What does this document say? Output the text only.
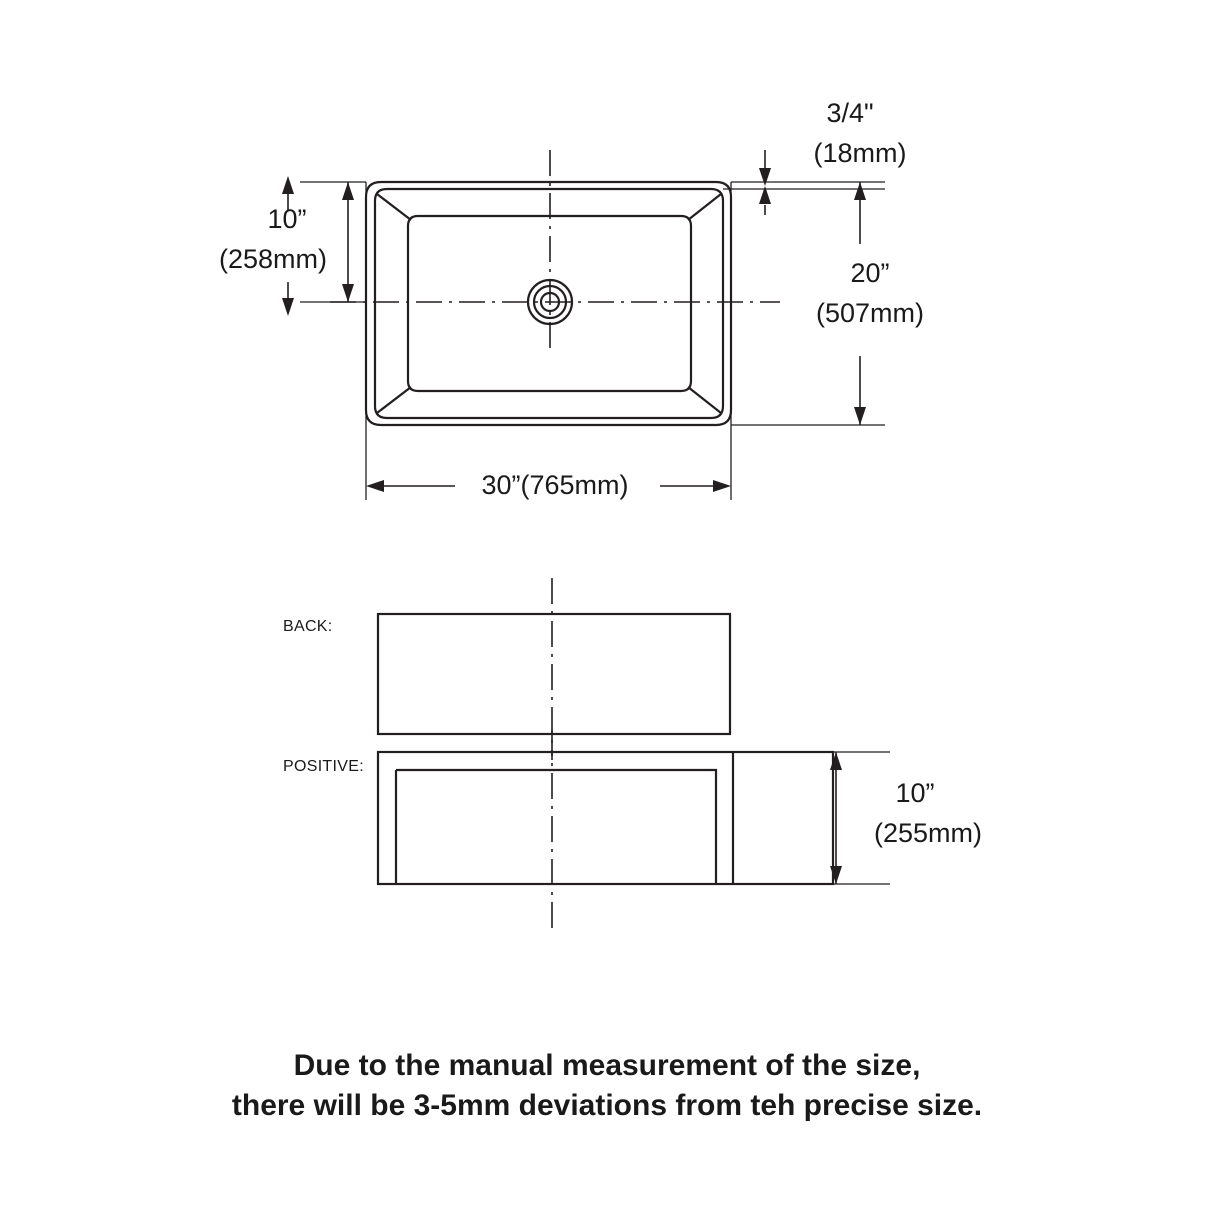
30”(765mm)
20”
(507mm)
3/4"
(18mm)
10”
(258mm)
BACK:
POSITIVE:
10”
(255mm)
Due to the manual measurement of the size,
there will be 3-5mm deviations from teh precise size.
